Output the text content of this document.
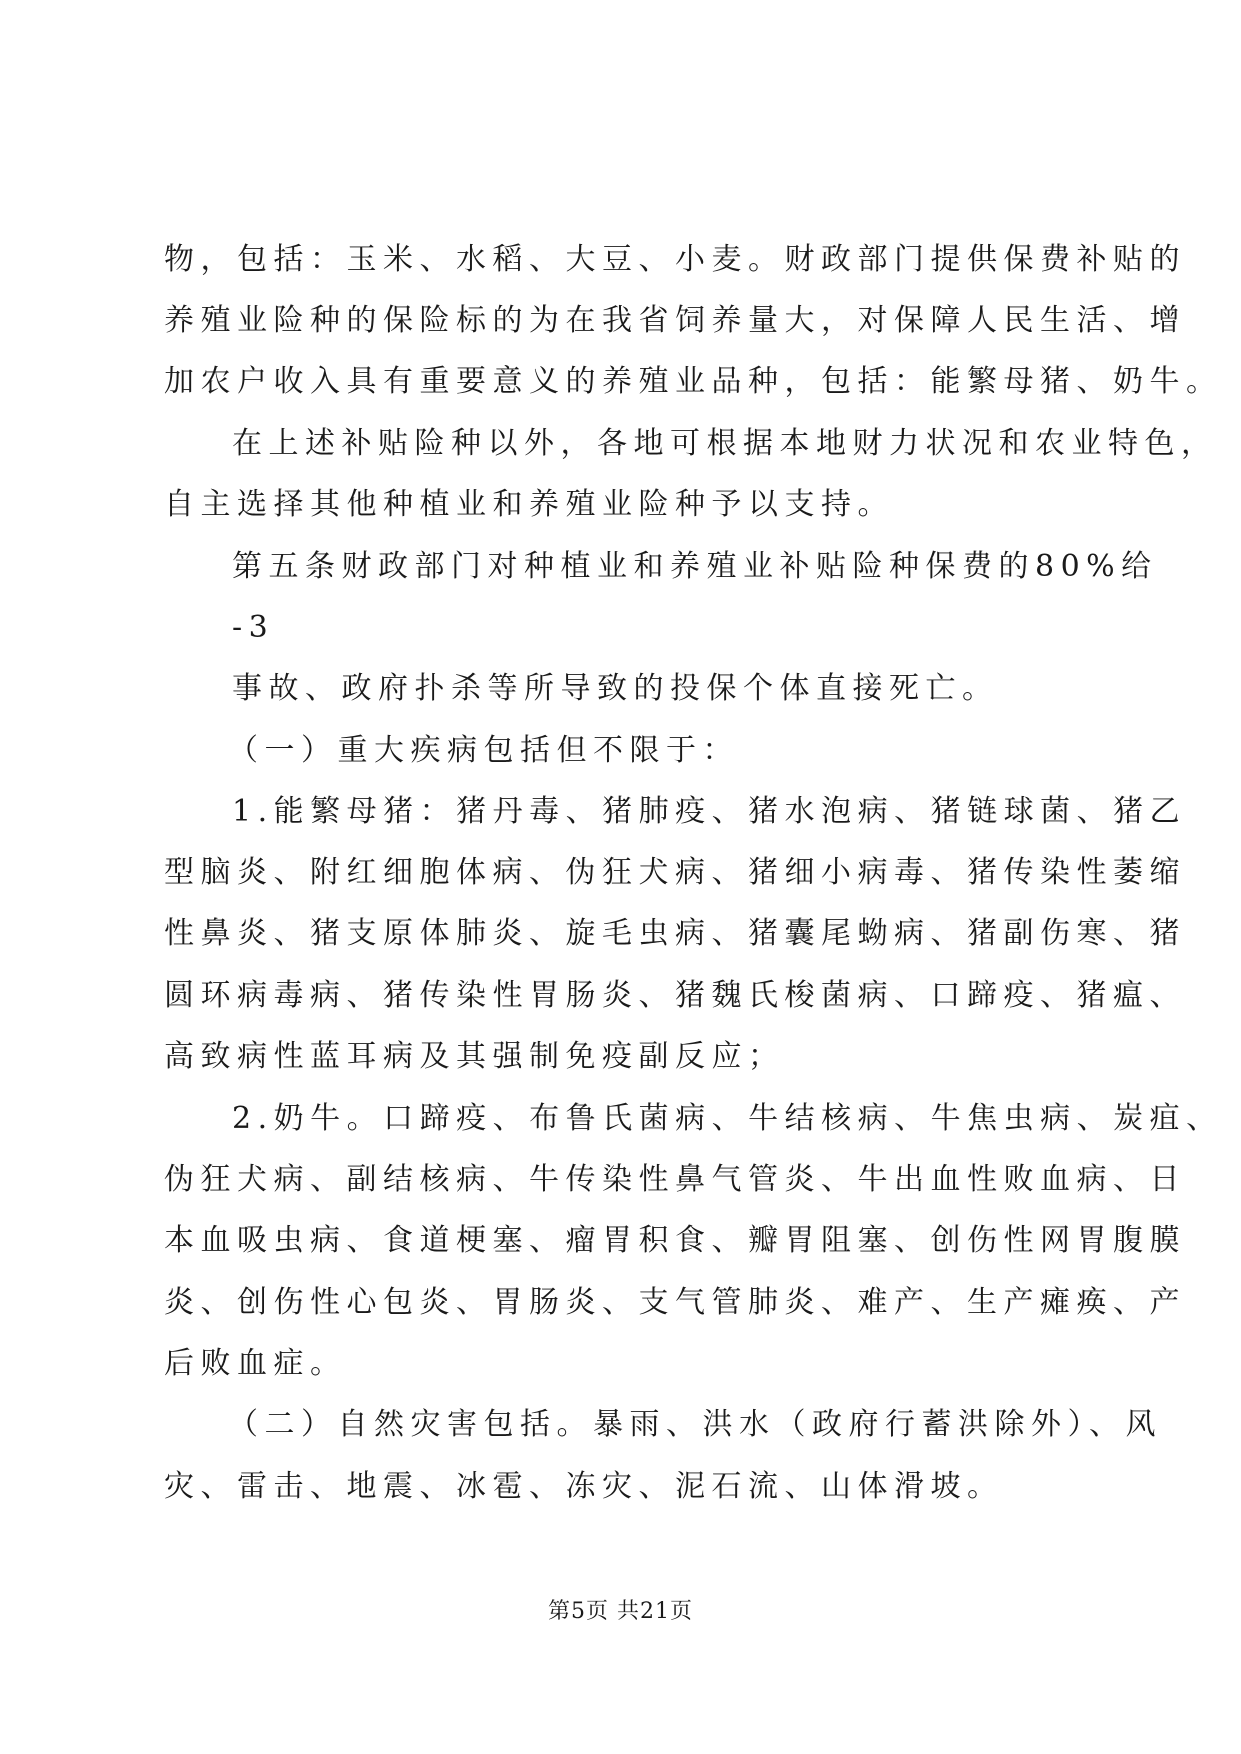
物，包括：玉米、水稻、大豆、小麦。财政部门提供保费补贴的
养殖业险种的保险标的为在我省饲养量大，对保障人民生活、增
加农户收入具有重要意义的养殖业品种，包括：能繁母猪、奶牛。
在上述补贴险种以外，各地可根据本地财力状况和农业特色，
自主选择其他种植业和养殖业险种予以支持。
第五条财政部门对种植业和养殖业补贴险种保费的80%给
-3
事故、政府扑杀等所导致的投保个体直接死亡。
（一）重大疾病包括但不限于：
1.能繁母猪：猪丹毒、猪肺疫、猪水泡病、猪链球菌、猪乙
型脑炎、附红细胞体病、伪狂犬病、猪细小病毒、猪传染性萎缩
性鼻炎、猪支原体肺炎、旋毛虫病、猪囊尾蚴病、猪副伤寒、猪
圆环病毒病、猪传染性胃肠炎、猪魏氏梭菌病、口蹄疫、猪瘟、
高致病性蓝耳病及其强制免疫副反应；
2.奶牛。口蹄疫、布鲁氏菌病、牛结核病、牛焦虫病、炭疽、
伪狂犬病、副结核病、牛传染性鼻气管炎、牛出血性败血病、日
本血吸虫病、食道梗塞、瘤胃积食、瓣胃阻塞、创伤性网胃腹膜
炎、创伤性心包炎、胃肠炎、支气管肺炎、难产、生产瘫痪、产
后败血症。
（二）自然灾害包括。暴雨、洪水（政府行蓄洪除外）、风
灾、雷击、地震、冰雹、冻灾、泥石流、山体滑坡。
第5页 共21页
